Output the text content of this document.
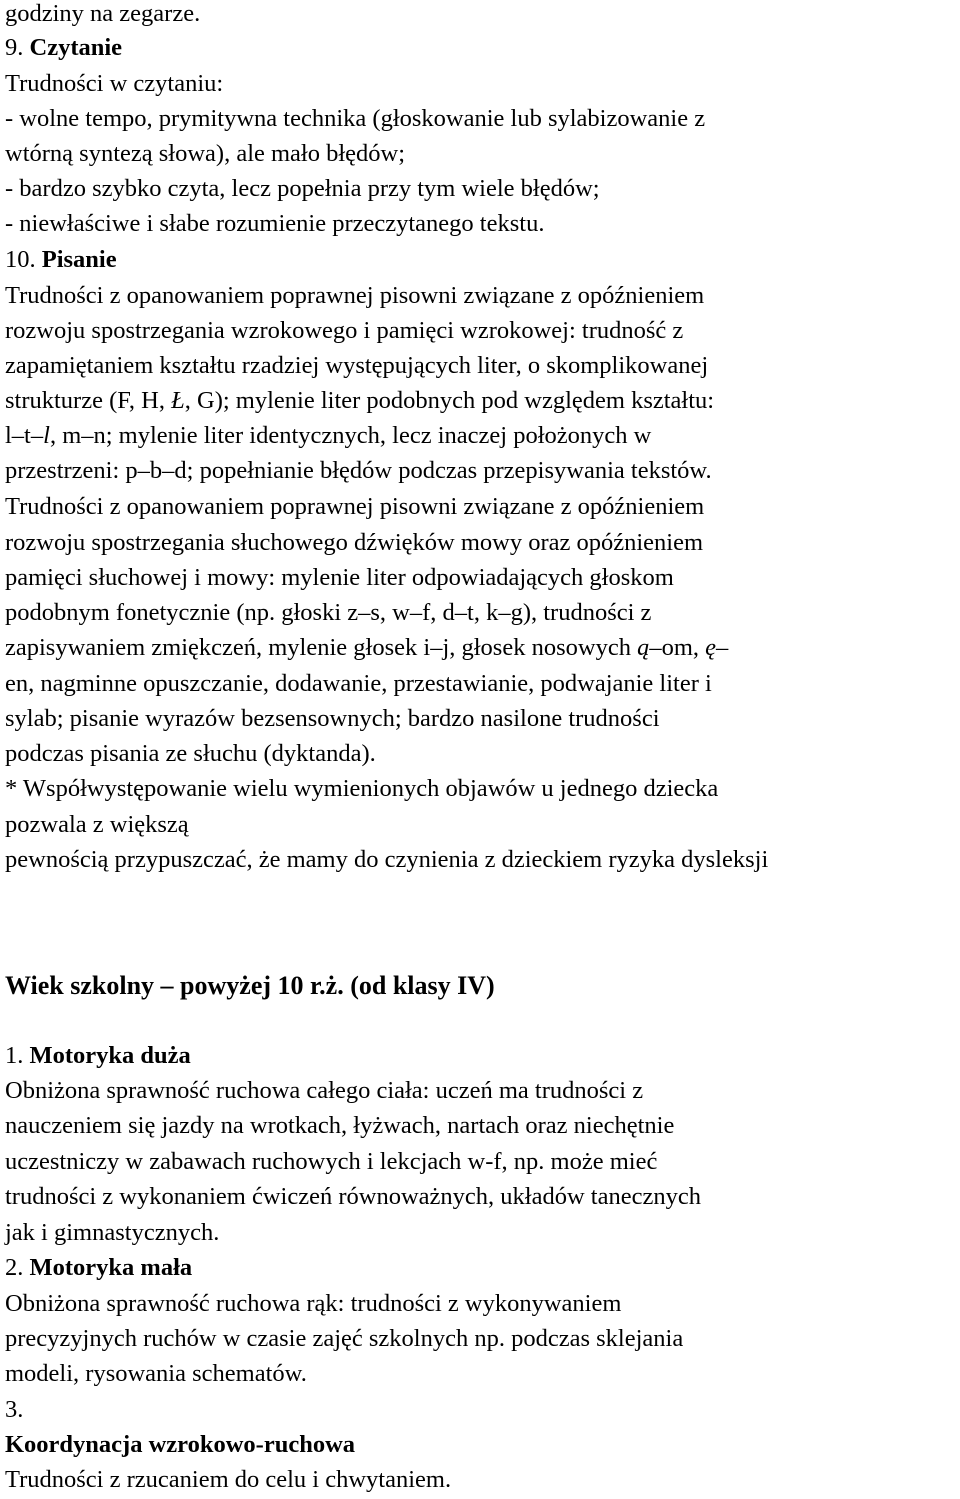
godziny na zegarze.
9. Czytanie
Trudności w czytaniu:
- wolne tempo, prymitywna technika (głoskowanie lub sylabizowanie z
wtórną syntezą słowa), ale mało błędów;
- bardzo szybko czyta, lecz popełnia przy tym wiele błędów;
- niewłaściwe i słabe rozumienie przeczytanego tekstu.
10. Pisanie
Trudności z opanowaniem poprawnej pisowni związane z opóźnieniem
rozwoju spostrzegania wzrokowego i pamięci wzrokowej: trudność z
zapamiętaniem kształtu rzadziej występujących liter, o skomplikowanej
strukturze (F, H, Ł, G); mylenie liter podobnych pod względem kształtu:
l–t–l, m–n; mylenie liter identycznych, lecz inaczej położonych w
przestrzeni: p–b–d; popełnianie błędów podczas przepisywania tekstów.
Trudności z opanowaniem poprawnej pisowni związane z opóźnieniem
rozwoju spostrzegania słuchowego dźwięków mowy oraz opóźnieniem
pamięci słuchowej i mowy: mylenie liter odpowiadających głoskom
podobnym fonetycznie (np. głoski z–s, w–f, d–t, k–g), trudności z
zapisywaniem zmiękczeń, mylenie głosek i–j, głosek nosowych ą–om, ę–
en, nagminne opuszczanie, dodawanie, przestawianie, podwajanie liter i
sylab; pisanie wyrazów bezsensownych; bardzo nasilone trudności
podczas pisania ze słuchu (dyktanda).
* Współwystępowanie wielu wymienionych objawów u jednego dziecka
pozwala z większą
pewnością przypuszczać, że mamy do czynienia z dzieckiem ryzyka dysleksji
Wiek szkolny – powyżej 10 r.ż. (od klasy IV)
1. Motoryka duża
Obniżona sprawność ruchowa całego ciała: uczeń ma trudności z
nauczeniem się jazdy na wrotkach, łyżwach, nartach oraz niechętnie
uczestniczy w zabawach ruchowych i lekcjach w-f, np. może mieć
trudności z wykonaniem ćwiczeń równoważnych, układów tanecznych
jak i gimnastycznych.
2. Motoryka mała
Obniżona sprawność ruchowa rąk: trudności z wykonywaniem
precyzyjnych ruchów w czasie zajęć szkolnych np. podczas sklejania
modeli, rysowania schematów.
3.
Koordynacja wzrokowo-ruchowa
Trudności z rzucaniem do celu i chwytaniem.
